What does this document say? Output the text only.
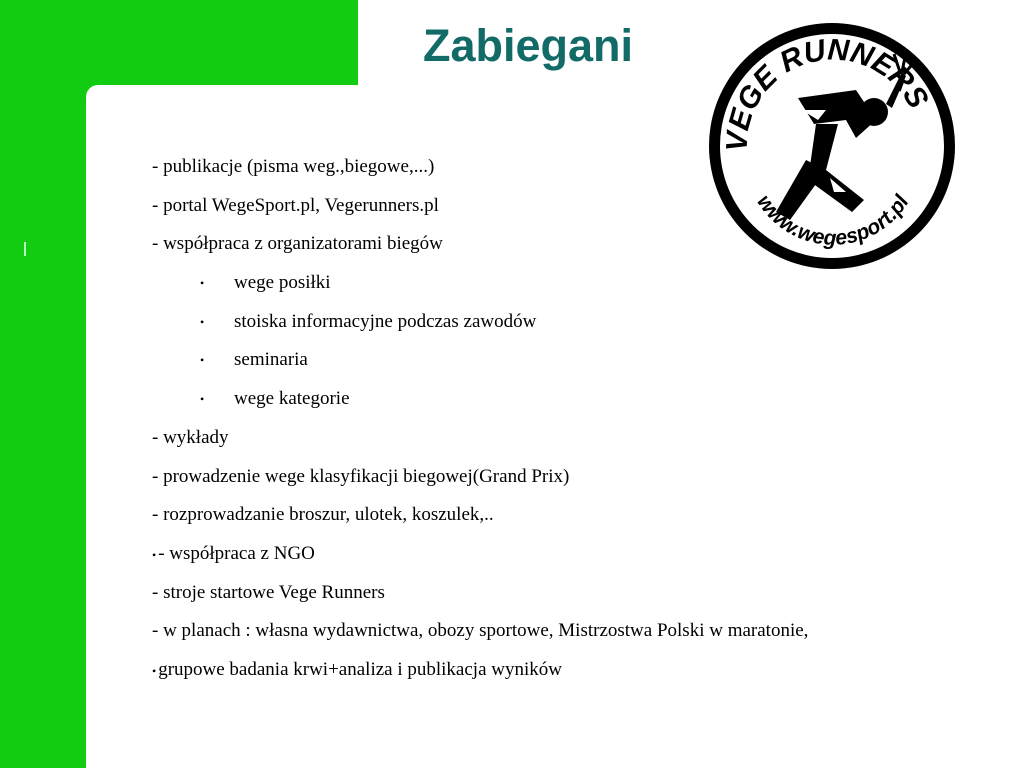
Zabiegani
VEGE RUNNERS
www.wegesport.pl
- publikacje (pisma weg.,biegowe,...)
- portal WegeSport.pl, Vegerunners.pl
- współpraca z organizatorami biegów
• wege posiłki
• stoiska informacyjne podczas zawodów
• seminaria
• wege kategorie
- wykłady
- prowadzenie wege klasyfikacji biegowej(Grand Prix)
- rozprowadzanie broszur, ulotek, koszulek,..
• - współpraca z NGO
- stroje startowe Vege Runners
- w planach : własna wydawnictwa, obozy sportowe, Mistrzostwa Polski w maratonie,
• grupowe badania krwi+analiza i publikacja wyników
